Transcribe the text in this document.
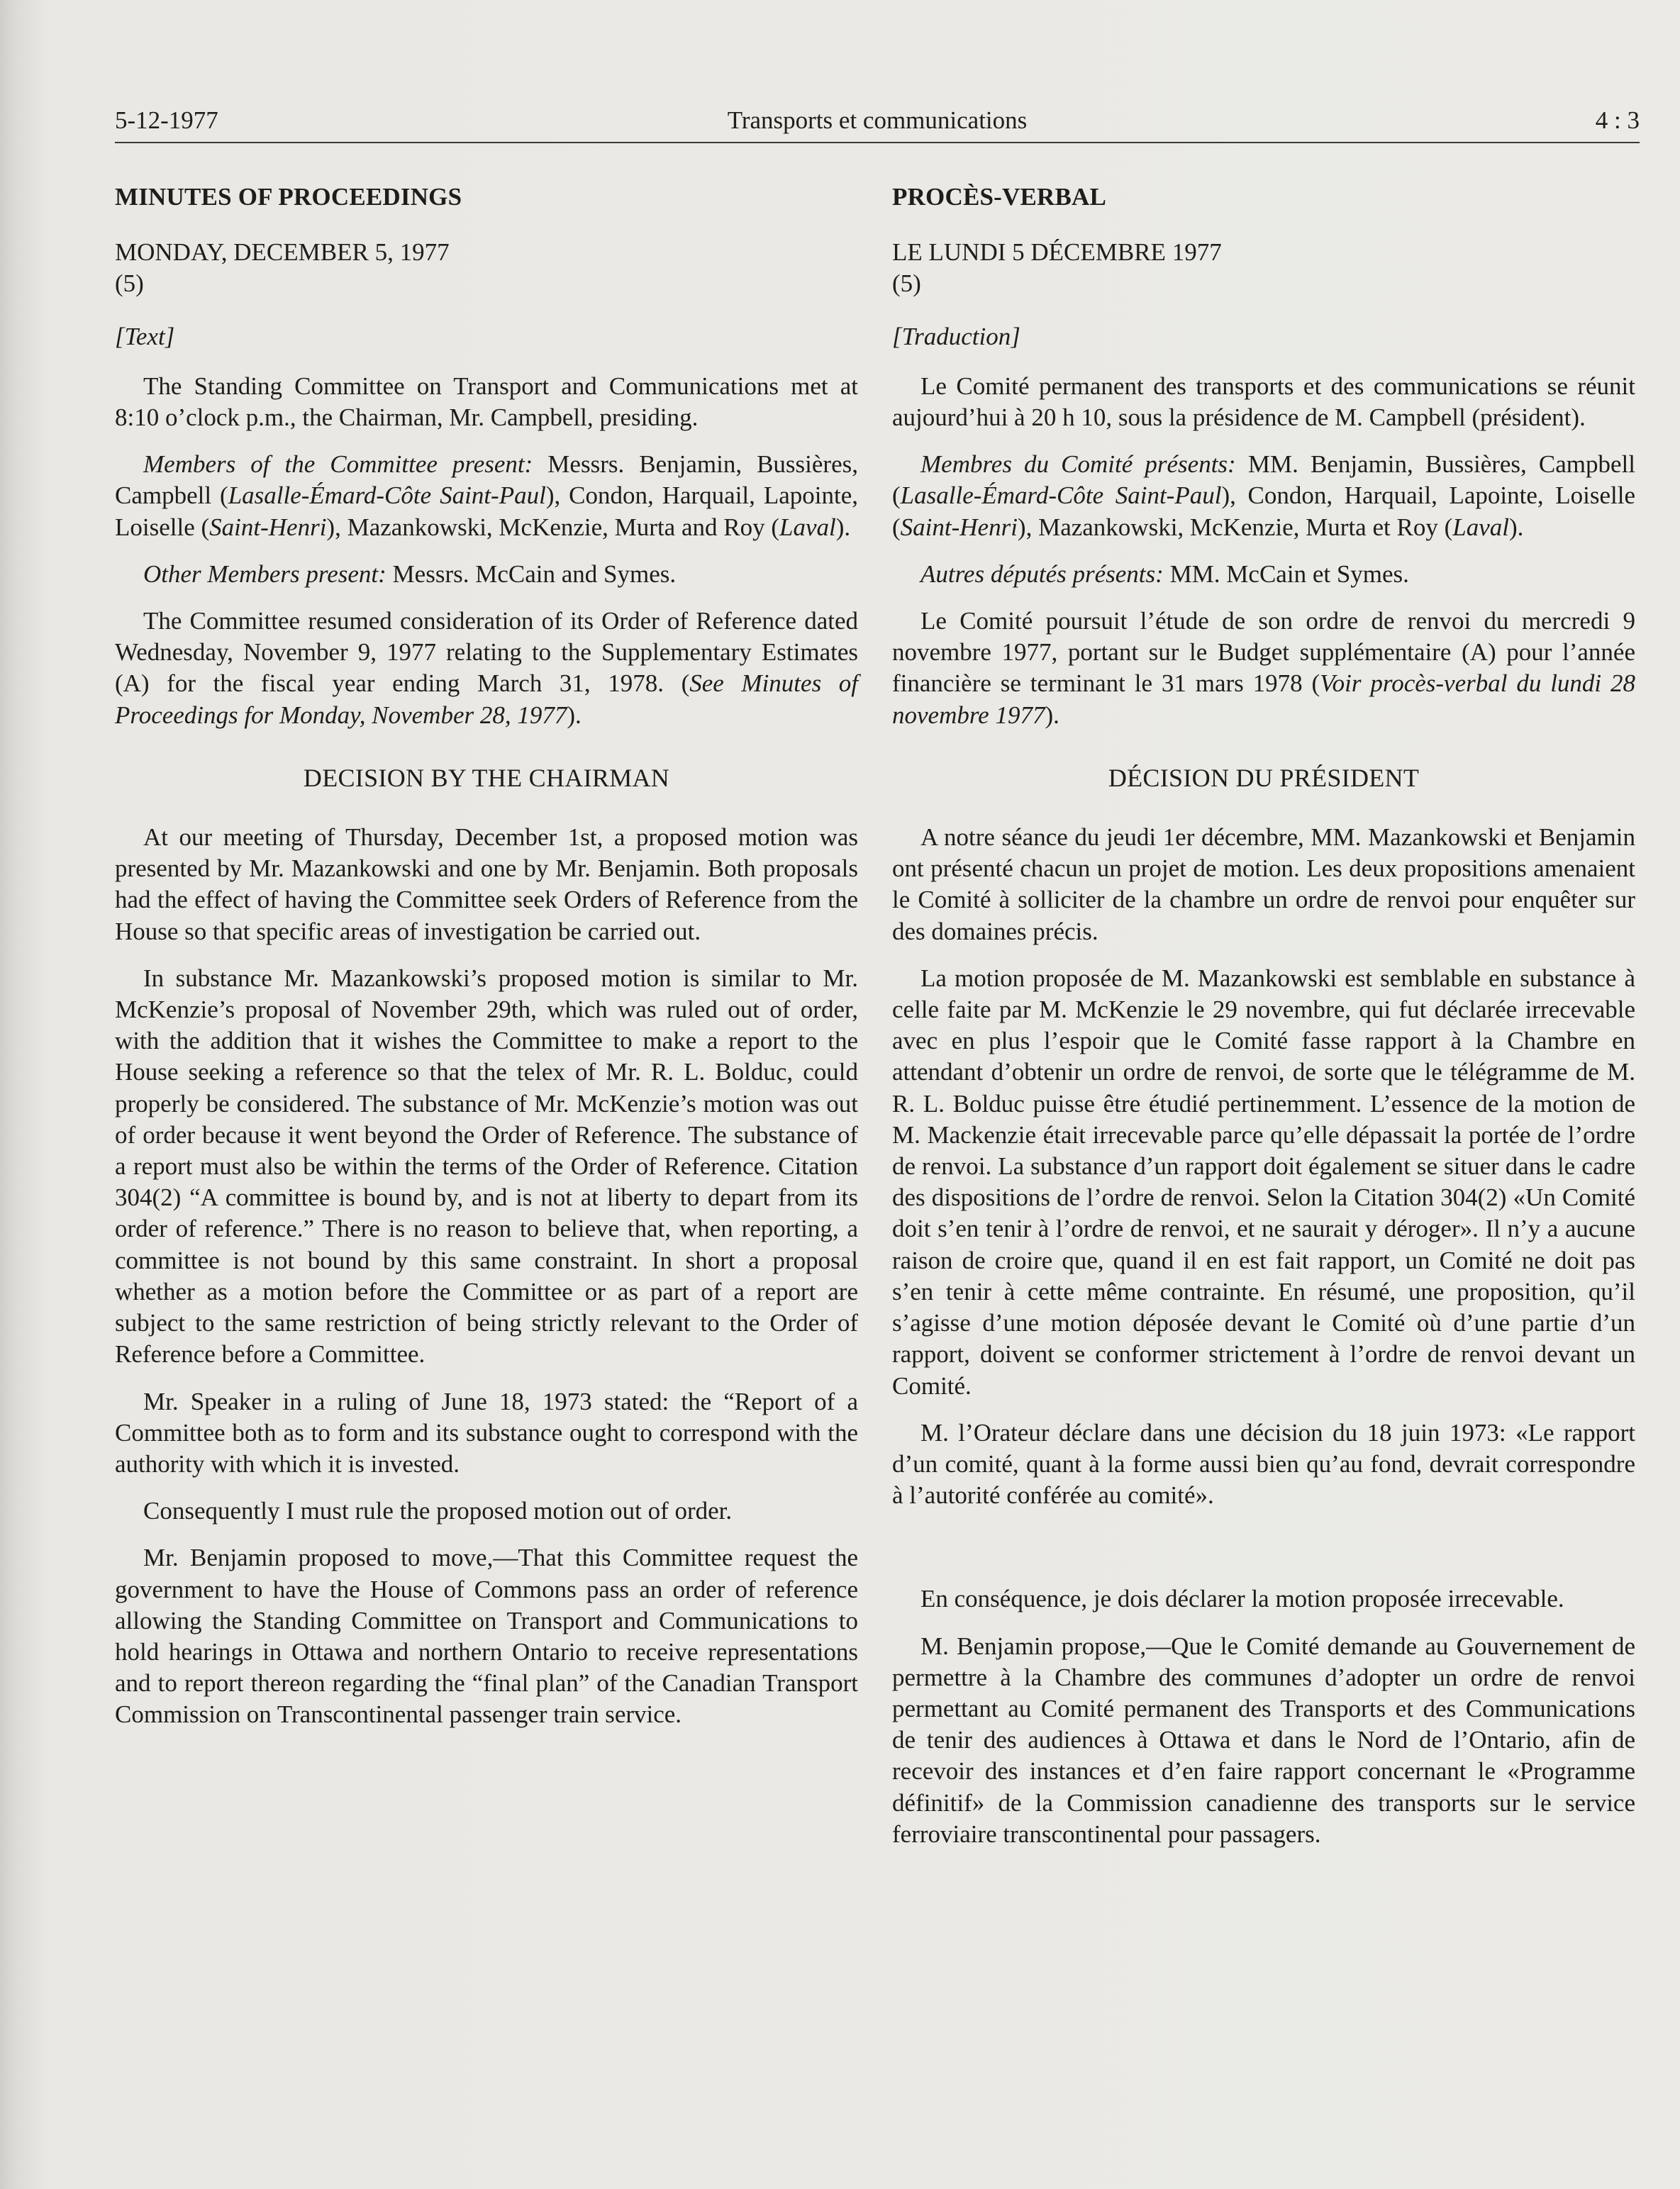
5-12-1977	Transports et communications	4 : 3
MINUTES OF PROCEEDINGS
MONDAY, DECEMBER 5, 1977
(5)
[Text]

The Standing Committee on Transport and Communications met at 8:10 o’clock p.m., the Chairman, Mr. Campbell, presiding.

Members of the Committee present: Messrs. Benjamin, Bussières, Campbell (Lasalle-Émard-Côte Saint-Paul), Condon, Harquail, Lapointe, Loiselle (Saint-Henri), Mazankowski, McKenzie, Murta and Roy (Laval).

Other Members present: Messrs. McCain and Symes.

The Committee resumed consideration of its Order of Reference dated Wednesday, November 9, 1977 relating to the Supplementary Estimates (A) for the fiscal year ending March 31, 1978. (See Minutes of Proceedings for Monday, November 28, 1977).

DECISION BY THE CHAIRMAN

At our meeting of Thursday, December 1st, a proposed motion was presented by Mr. Mazankowski and one by Mr. Benjamin. Both proposals had the effect of having the Committee seek Orders of Reference from the House so that specific areas of investigation be carried out.

In substance Mr. Mazankowski’s proposed motion is similar to Mr. McKenzie’s proposal of November 29th, which was ruled out of order, with the addition that it wishes the Committee to make a report to the House seeking a reference so that the telex of Mr. R. L. Bolduc, could properly be considered. The substance of Mr. McKenzie’s motion was out of order because it went beyond the Order of Reference. The substance of a report must also be within the terms of the Order of Reference. Citation 304(2) “A committee is bound by, and is not at liberty to depart from its order of reference.” There is no reason to believe that, when reporting, a committee is not bound by this same constraint. In short a proposal whether as a motion before the Committee or as part of a report are subject to the same restriction of being strictly relevant to the Order of Reference before a Committee.

Mr. Speaker in a ruling of June 18, 1973 stated: the “Report of a Committee both as to form and its substance ought to correspond with the authority with which it is invested.

Consequently I must rule the proposed motion out of order.

Mr. Benjamin proposed to move,—That this Committee request the government to have the House of Commons pass an order of reference allowing the Standing Committee on Transport and Communications to hold hearings in Ottawa and northern Ontario to receive representations and to report thereon regarding the “final plan” of the Canadian Transport Commission on Transcontinental passenger train service.

PROCÈS-VERBAL
LE LUNDI 5 DÉCEMBRE 1977
(5)
[Traduction]

Le Comité permanent des transports et des communications se réunit aujourd’hui à 20 h 10, sous la présidence de M. Campbell (président).

Membres du Comité présents: MM. Benjamin, Bussières, Campbell (Lasalle-Émard-Côte Saint-Paul), Condon, Harquail, Lapointe, Loiselle (Saint-Henri), Mazankowski, McKenzie, Murta et Roy (Laval).

Autres députés présents: MM. McCain et Symes.

Le Comité poursuit l’étude de son ordre de renvoi du mercredi 9 novembre 1977, portant sur le Budget supplémentaire (A) pour l’année financière se terminant le 31 mars 1978 (Voir procès-verbal du lundi 28 novembre 1977).

DÉCISION DU PRÉSIDENT

A notre séance du jeudi 1er décembre, MM. Mazankowski et Benjamin ont présenté chacun un projet de motion. Les deux propositions amenaient le Comité à solliciter de la chambre un ordre de renvoi pour enquêter sur des domaines précis.

La motion proposée de M. Mazankowski est semblable en substance à celle faite par M. McKenzie le 29 novembre, qui fut déclarée irrecevable avec en plus l’espoir que le Comité fasse rapport à la Chambre en attendant d’obtenir un ordre de renvoi, de sorte que le télégramme de M. R. L. Bolduc puisse être étudié pertinemment. L’essence de la motion de M. Mackenzie était irrecevable parce qu’elle dépassait la portée de l’ordre de renvoi. La substance d’un rapport doit également se situer dans le cadre des dispositions de l’ordre de renvoi. Selon la Citation 304(2) «Un Comité doit s’en tenir à l’ordre de renvoi, et ne saurait y déroger». Il n’y a aucune raison de croire que, quand il en est fait rapport, un Comité ne doit pas s’en tenir à cette même contrainte. En résumé, une proposition, qu’il s’agisse d’une motion déposée devant le Comité où d’une partie d’un rapport, doivent se conformer strictement à l’ordre de renvoi devant un Comité.

M. l’Orateur déclare dans une décision du 18 juin 1973: «Le rapport d’un comité, quant à la forme aussi bien qu’au fond, devrait correspondre à l’autorité conférée au comité».

En conséquence, je dois déclarer la motion proposée irrecevable.

M. Benjamin propose,—Que le Comité demande au Gouvernement de permettre à la Chambre des communes d’adopter un ordre de renvoi permettant au Comité permanent des Transports et des Communications de tenir des audiences à Ottawa et dans le Nord de l’Ontario, afin de recevoir des instances et d’en faire rapport concernant le «Programme définitif» de la Commission canadienne des transports sur le service ferroviaire transcontinental pour passagers.
